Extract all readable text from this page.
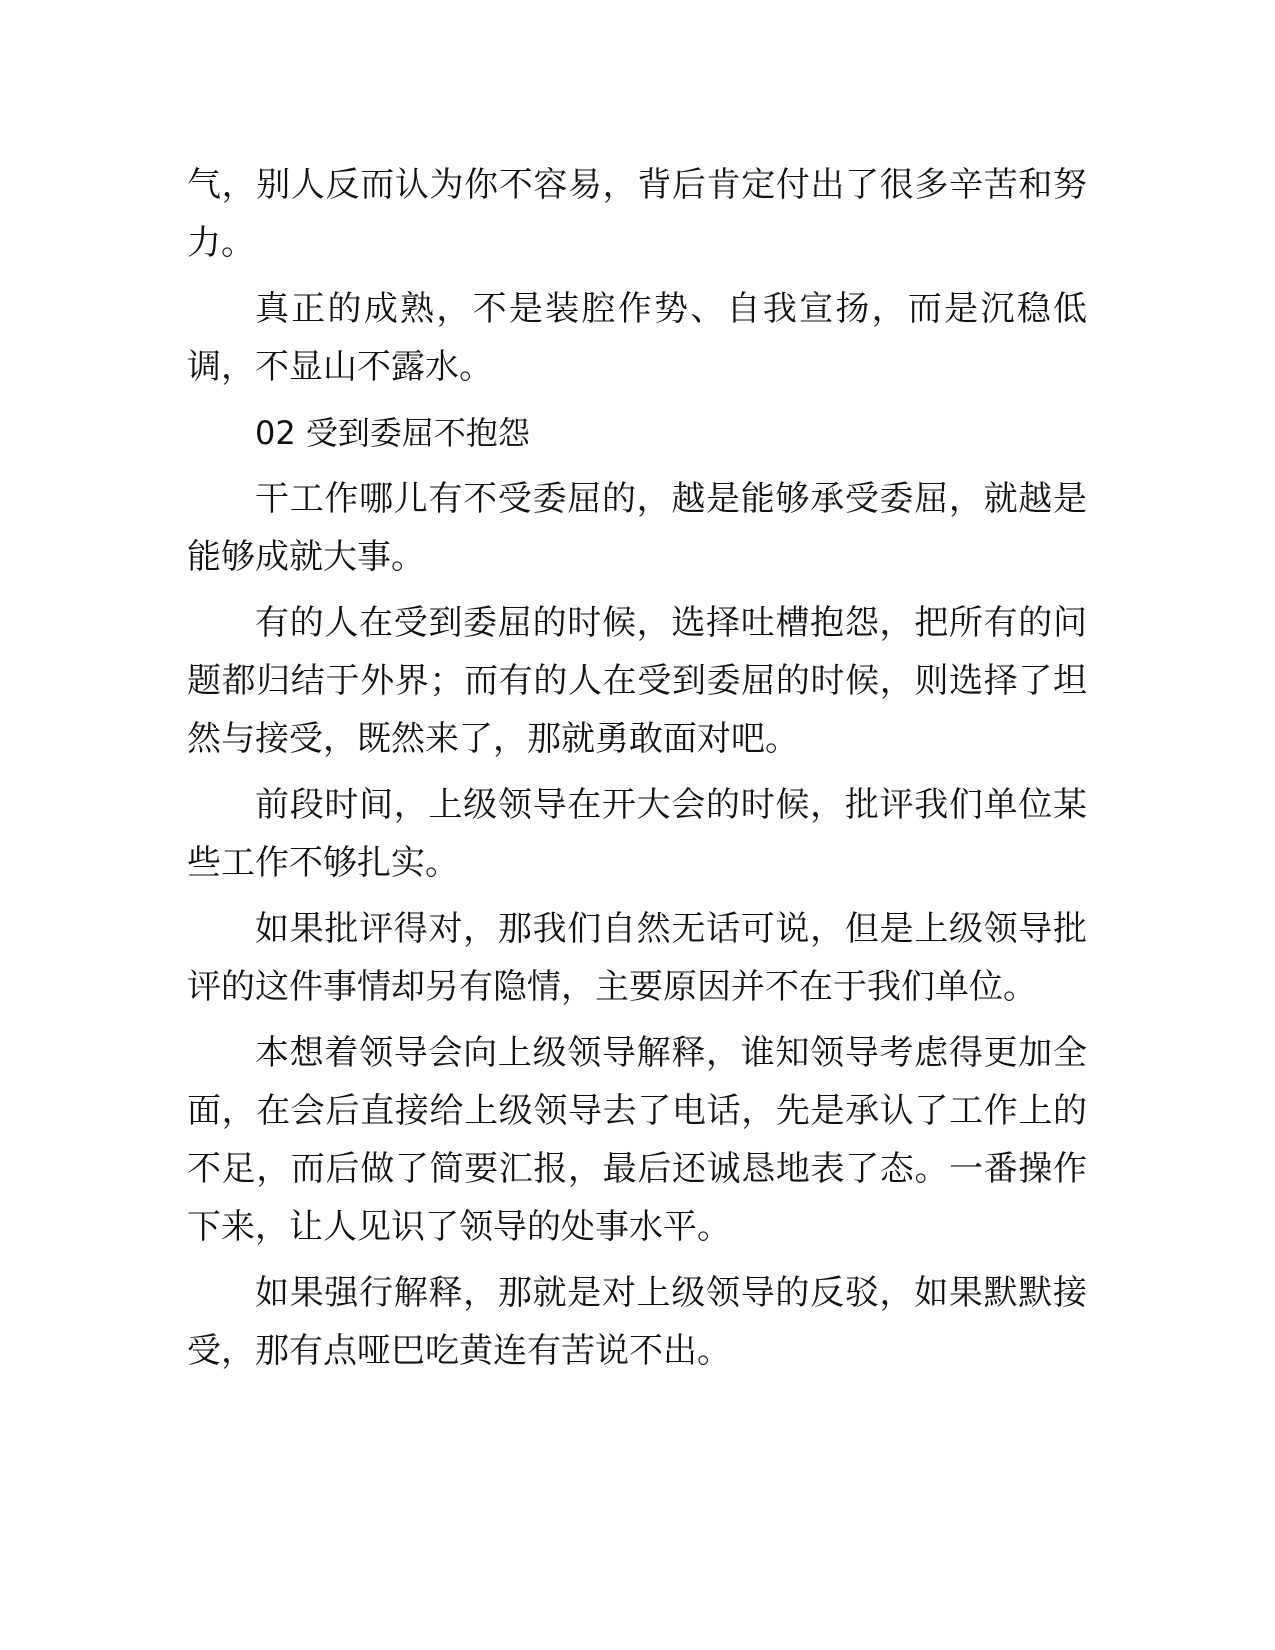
气，别人反而认为你不容易，背后肯定付出了很多辛苦和努力。

真正的成熟，不是装腔作势、自我宣扬，而是沉稳低调，不显山不露水。

02 受到委屈不抱怨

干工作哪儿有不受委屈的，越是能够承受委屈，就越是能够成就大事。

有的人在受到委屈的时候，选择吐槽抱怨，把所有的问题都归结于外界；而有的人在受到委屈的时候，则选择了坦然与接受，既然来了，那就勇敢面对吧。

前段时间，上级领导在开大会的时候，批评我们单位某些工作不够扎实。

如果批评得对，那我们自然无话可说，但是上级领导批评的这件事情却另有隐情，主要原因并不在于我们单位。

本想着领导会向上级领导解释，谁知领导考虑得更加全面，在会后直接给上级领导去了电话，先是承认了工作上的不足，而后做了简要汇报，最后还诚恳地表了态。一番操作下来，让人见识了领导的处事水平。

如果强行解释，那就是对上级领导的反驳，如果默默接受，那有点哑巴吃黄连有苦说不出。
